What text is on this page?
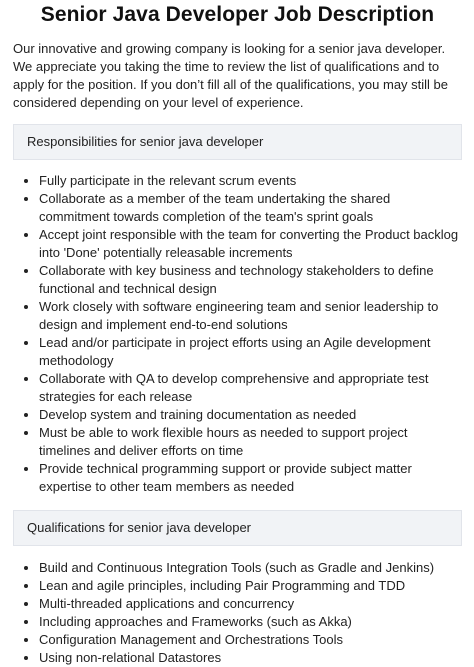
Senior Java Developer Job Description

Our innovative and growing company is looking for a senior java developer. We appreciate you taking the time to review the list of qualifications and to apply for the position. If you don’t fill all of the qualifications, you may still be considered depending on your level of experience.

Responsibilities for senior java developer
• Fully participate in the relevant scrum events
• Collaborate as a member of the team undertaking the shared commitment towards completion of the team's sprint goals
• Accept joint responsible with the team for converting the Product backlog into 'Done' potentially releasable increments
• Collaborate with key business and technology stakeholders to define functional and technical design
• Work closely with software engineering team and senior leadership to design and implement end-to-end solutions
• Lead and/or participate in project efforts using an Agile development methodology
• Collaborate with QA to develop comprehensive and appropriate test strategies for each release
• Develop system and training documentation as needed
• Must be able to work flexible hours as needed to support project timelines and deliver efforts on time
• Provide technical programming support or provide subject matter expertise to other team members as needed
Qualifications for senior java developer
• Build and Continuous Integration Tools (such as Gradle and Jenkins)
• Lean and agile principles, including Pair Programming and TDD
• Multi-threaded applications and concurrency
• Including approaches and Frameworks (such as Akka)
• Configuration Management and Orchestrations Tools
• Using non-relational Datastores
